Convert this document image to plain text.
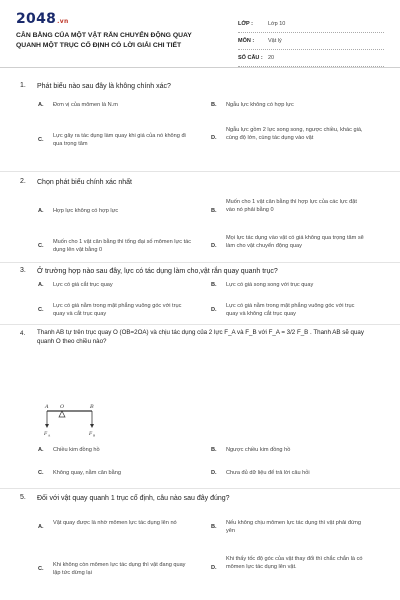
2048.vn
CÂN BẰNG CỦA MỘT VẬT RẮN CHUYỂN ĐỘNG QUAY
QUANH MỘT TRỤC CỐ ĐỊNH CÓ LỜI GIẢI CHI TIẾT
LỚP :	Lớp 10
MÔN :	Vật lý
SỐ CÂU : 20
1. Phát biểu nào sau đây là không chính xác?
A. Đơn vị của mômen là N.m	B. Ngẫu lực không có hợp lực
C.
Lực gây ra tác dụng làm quay khi giá của nó không đi qua trọng tâm
D.
Ngẫu lực gồm 2 lực song song, ngược chiều, khác giá, cùng độ lớn, cùng tác dụng vào vật
2. Chọn phát biểu chính xác nhất
A. Hợp lực không có hợp lực	B.
Muốn cho 1 vật cân bằng thì hợp lực của các lực đặt vào nó phải bằng 0
C.
Muốn cho 1 vật cân bằng thì tổng đại số mômen lực tác dụng lên vật bằng 0
D.
Mọi lực tác dụng vào vật có giá không qua trọng tâm sẽ làm cho vật chuyển động quay
3. Ở trường hợp nào sau đây, lực có tác dụng làm cho,vật rắn quay quanh trục?
A. Lực có giá cắt trục quay	B. Lực có giá song song với trục quay
C.
Lực có giá nằm trong mặt phẳng vuông góc với trục quay và cắt trục quay
D.
Lực có giá nằm trong mặt phẳng vuông góc với trục quay và không cắt trục quay
4. Thanh AB tự trên trục quay O (OB=2OA) và chịu tác dụng của 2 lực F_A và F_B với F_A = 3/2 F_B . Thanh AB sẽ quay quanh O theo chiều nào?
A O	B
F A	F B
A. Chiều kim đồng hồ	B. Ngược chiều kim đồng hồ
C. Không quay, nằm cân bằng	D. Chưa đủ dữ liệu để trả lời câu hỏi
5. Đối với vật quay quanh 1 trục cố định, câu nào sau đây đúng?
A.
Vật quay được là nhờ mômen lực tác dụng lên nó
B.
Nếu không chịu mômen lực tác dụng thì vật phải đứng yên
C.
Khi không còn mômen lực tác dụng thì vật đang quay lập tức dừng lại
D.
Khi thấy tốc độ góc của vật thay đổi thì chắc chắn là có mômen lực tác dụng lên vật.
